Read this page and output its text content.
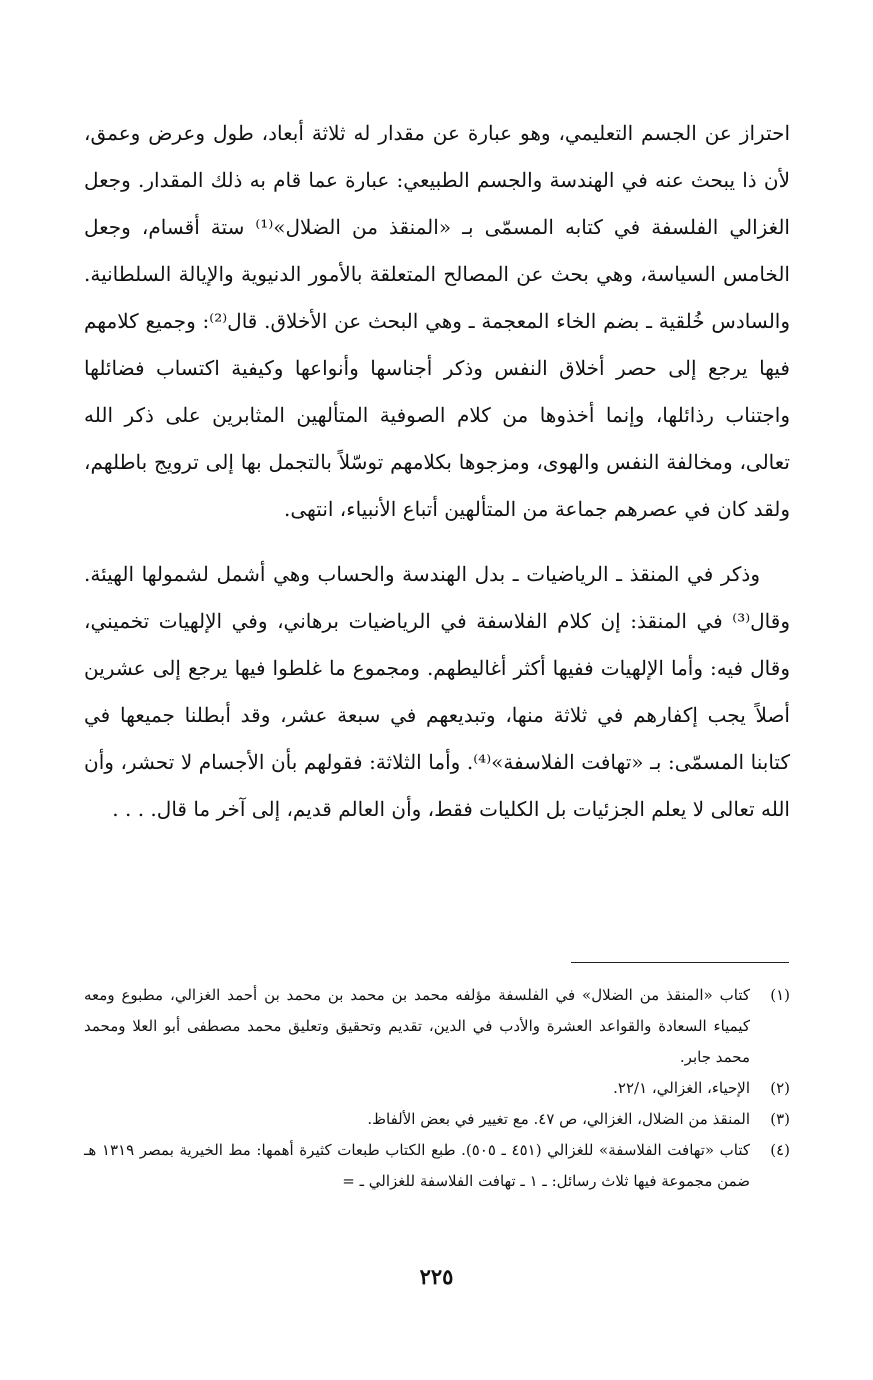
احتراز عن الجسم التعليمي، وهو عبارة عن مقدار له ثلاثة أبعاد، طول وعرض وعمق، لأن ذا يبحث عنه في الهندسة والجسم الطبيعي: عبارة عما قام به ذلك المقدار. وجعل الغزالي الفلسفة في كتابه المسمّى بـ «المنقذ من الضلال»⁽¹⁾ ستة أقسام، وجعل الخامس السياسة، وهي بحث عن المصالح المتعلقة بالأمور الدنيوية والإيالة السلطانية. والسادس خُلقية ـ بضم الخاء المعجمة ـ وهي البحث عن الأخلاق. قال⁽²⁾: وجميع كلامهم فيها يرجع إلى حصر أخلاق النفس وذكر أجناسها وأنواعها وكيفية اكتساب فضائلها واجتناب رذائلها، وإنما أخذوها من كلام الصوفية المتألهين المثابرين على ذكر الله تعالى، ومخالفة النفس والهوى، ومزجوها بكلامهم توسّلاً بالتجمل بها إلى ترويج باطلهم، ولقد كان في عصرهم جماعة من المتألهين أتباع الأنبياء، انتهى.

وذكر في المنقذ ـ الرياضيات ـ بدل الهندسة والحساب وهي أشمل لشمولها الهيئة. وقال⁽³⁾ في المنقذ: إن كلام الفلاسفة في الرياضيات برهاني، وفي الإلهيات تخميني، وقال فيه: وأما الإلهيات ففيها أكثر أغاليطهم. ومجموع ما غلطوا فيها يرجع إلى عشرين أصلاً يجب إكفارهم في ثلاثة منها، وتبديعهم في سبعة عشر، وقد أبطلنا جميعها في كتابنا المسمّى: بـ «تهافت الفلاسفة»⁽⁴⁾. وأما الثلاثة: فقولهم بأن الأجسام لا تحشر، وأن الله تعالى لا يعلم الجزئيات بل الكليات فقط، وأن العالم قديم، إلى آخر ما قال. . . .

(١)
كتاب «المنقذ من الضلال» في الفلسفة مؤلفه محمد بن محمد بن محمد بن أحمد الغزالي، مطبوع ومعه كيمياء السعادة والقواعد العشرة والأدب في الدين، تقديم وتحقيق وتعليق محمد مصطفى أبو العلا ومحمد محمد جابر.
(٢)
الإحياء، الغزالي، ٢٢/١.
(٣)
المنقذ من الضلال، الغزالي، ص ٤٧. مع تغيير في بعض الألفاظ.
(٤)
كتاب «تهافت الفلاسفة» للغزالي (٤٥١ ـ ٥٠٥). طبع الكتاب طبعات كثيرة أهمها: مط الخيرية بمصر ١٣١٩ هـ ضمن مجموعة فيها ثلاث رسائل: ـ ١ ـ تهافت الفلاسفة للغزالي ـ =
٢٢٥
